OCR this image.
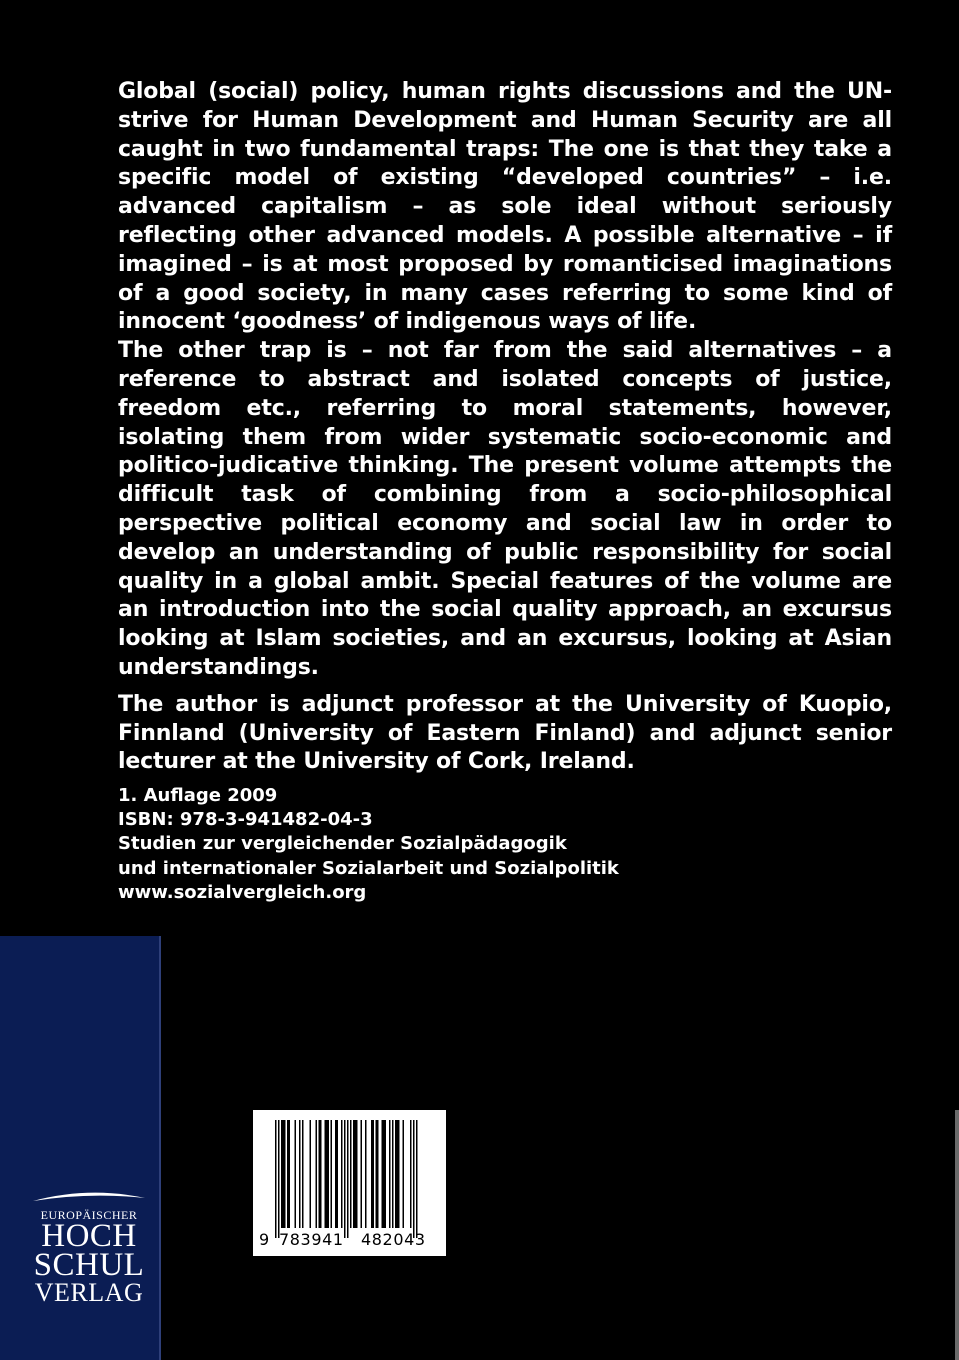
Global (social) policy, human rights discussions and the UN-strive for Human Development and Human Security are all caught in two fundamental traps: The one is that they take a specific model of existing “developed countries” – i.e. advanced capitalism – as sole ideal without seriously reflecting other advanced models. A possible alternative – if imagined – is at most proposed by romanticised imaginations of a good society, in many cases referring to some kind of innocent ‘goodness’ of indigenous ways of life.

The other trap is – not far from the said alternatives – a reference to abstract and isolated concepts of justice, freedom etc., referring to moral statements, however, isolating them from wider systematic socio-economic and politico-judicative thinking. The present volume attempts the difficult task of combining from a socio-philosophical perspective political economy and social law in order to develop an understanding of public responsibility for social quality in a global ambit. Special features of the volume are an introduction into the social quality approach, an excursus looking at Islam societies, and an excursus, looking at Asian understandings.

The author is adjunct professor at the University of Kuopio, Finnland (University of Eastern Finland) and adjunct senior lecturer at the University of Cork, Ireland.

1. Auflage 2009
ISBN: 978-3-941482-04-3
Studien zur vergleichender Sozialpädagogik
und internationaler Sozialarbeit und Sozialpolitik
www.sozialvergleich.org
EUROPÄISCHER
HOCH
SCHUL
VERLAG
9 783941 482043
